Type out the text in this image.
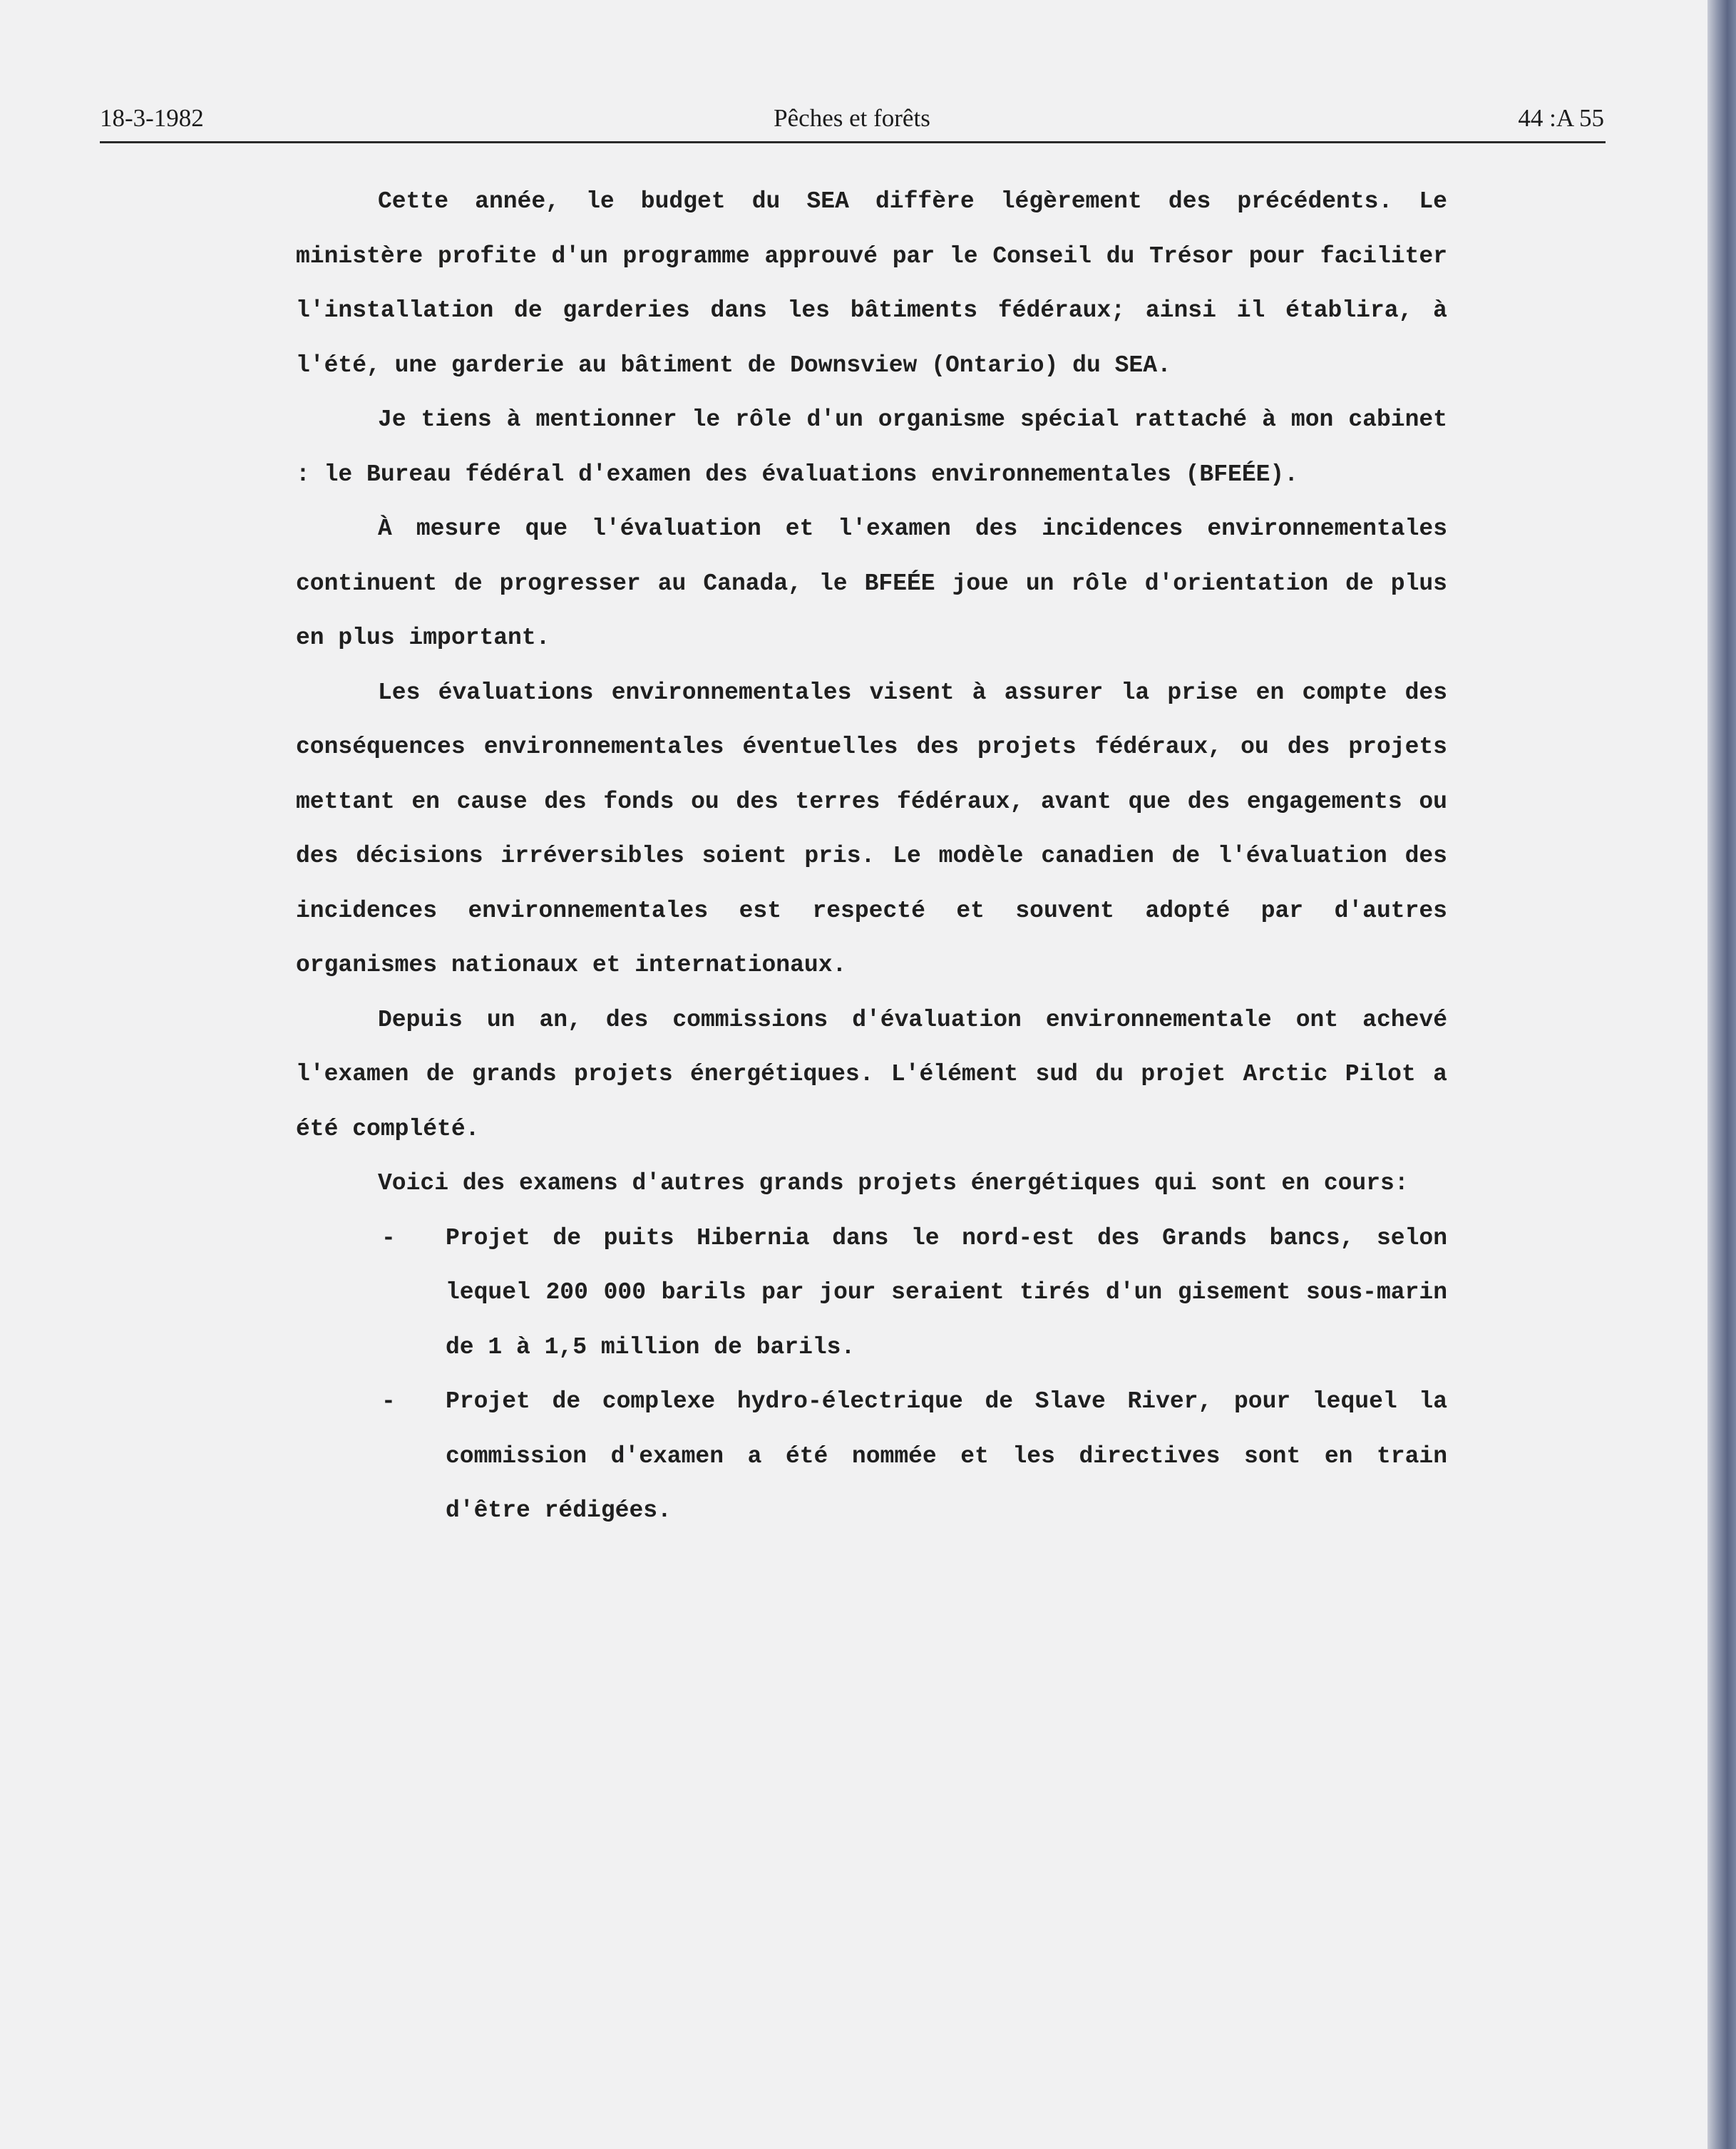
18-3-1982	Pêches et forêts	44 :A 55

Cette année, le budget du SEA diffère légèrement des précédents. Le ministère profite d'un programme approuvé par le Conseil du Trésor pour faciliter l'installation de garderies dans les bâtiments fédéraux; ainsi il établira, à l'été, une garderie au bâtiment de Downsview (Ontario) du SEA.

Je tiens à mentionner le rôle d'un organisme spécial rattaché à mon cabinet : le Bureau fédéral d'examen des évaluations environnementales (BFEÉE).

À mesure que l'évaluation et l'examen des incidences environnementales continuent de progresser au Canada, le BFEÉE joue un rôle d'orientation de plus en plus important.

Les évaluations environnementales visent à assurer la prise en compte des conséquences environnementales éventuelles des projets fédéraux, ou des projets mettant en cause des fonds ou des terres fédéraux, avant que des engagements ou des décisions irréversibles soient pris. Le modèle canadien de l'évaluation des incidences environnementales est respecté et souvent adopté par d'autres organismes nationaux et internationaux.

Depuis un an, des commissions d'évaluation environnementale ont achevé l'examen de grands projets énergétiques. L'élément sud du projet Arctic Pilot a été complété.

Voici des examens d'autres grands projets énergétiques qui sont en cours:

- Projet de puits Hibernia dans le nord-est des Grands bancs, selon lequel 200 000 barils par jour seraient tirés d'un gisement sous-marin de 1 à 1,5 million de barils.
- Projet de complexe hydro-électrique de Slave River, pour lequel la commission d'examen a été nommée et les directives sont en train d'être rédigées.
